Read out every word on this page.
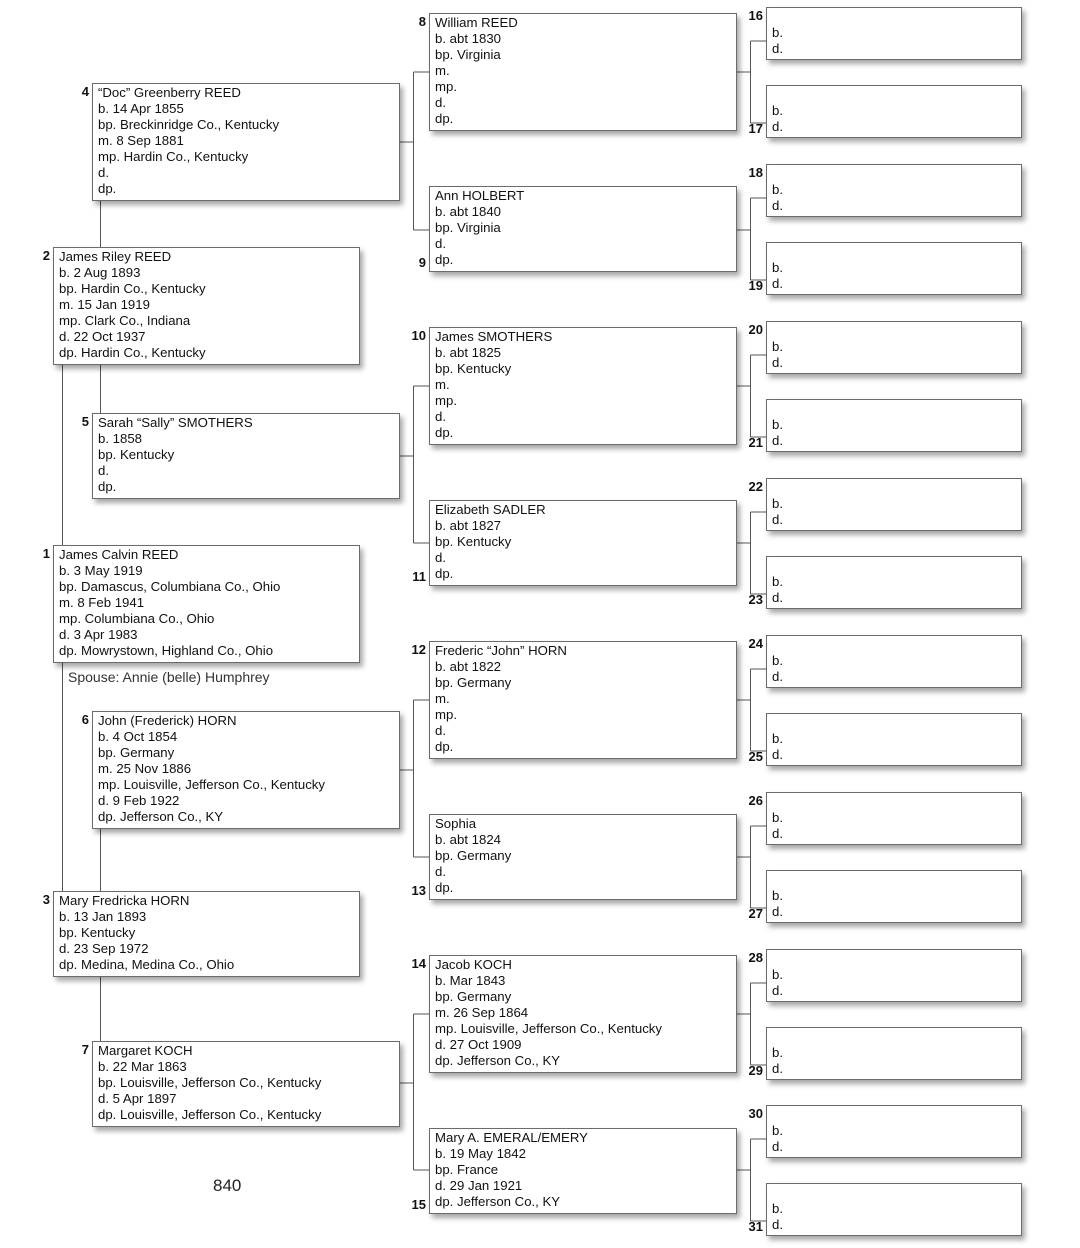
James Calvin REED
b. 3 May 1919
bp. Damascus, Columbiana Co., Ohio
m. 8 Feb 1941
mp. Columbiana Co., Ohio
d. 3 Apr 1983
dp. Mowrystown, Highland Co., Ohio
1
James Riley REED
b. 2 Aug 1893
bp. Hardin Co., Kentucky
m. 15 Jan 1919
mp. Clark Co., Indiana
d. 22 Oct 1937
dp. Hardin Co., Kentucky
2
Mary Fredricka HORN
b. 13 Jan 1893
bp. Kentucky
d. 23 Sep 1972
dp. Medina, Medina Co., Ohio
3
“Doc” Greenberry REED
b. 14 Apr 1855
bp. Breckinridge Co., Kentucky
m. 8 Sep 1881
mp. Hardin Co., Kentucky
d.
dp.
4
Sarah “Sally” SMOTHERS
b. 1858
bp. Kentucky
d.
dp.
5
John (Frederick) HORN
b. 4 Oct 1854
bp. Germany
m. 25 Nov 1886
mp. Louisville, Jefferson Co., Kentucky
d. 9 Feb 1922
dp. Jefferson Co., KY
6
Margaret KOCH
b. 22 Mar 1863
bp. Louisville, Jefferson Co., Kentucky
d. 5 Apr 1897
dp. Louisville, Jefferson Co., Kentucky
7
William REED
b. abt 1830
bp. Virginia
m.
mp.
d.
dp.
8
Ann HOLBERT
b. abt 1840
bp. Virginia
d.
dp.
9
James SMOTHERS
b. abt 1825
bp. Kentucky
m.
mp.
d.
dp.
10
Elizabeth SADLER
b. abt 1827
bp. Kentucky
d.
dp.
11
Frederic “John” HORN
b. abt 1822
bp. Germany
m.
mp.
d.
dp.
12
Sophia
b. abt 1824
bp. Germany
d.
dp.
13
Jacob KOCH
b. Mar 1843
bp. Germany
m. 26 Sep 1864
mp. Louisville, Jefferson Co., Kentucky
d. 27 Oct 1909
dp. Jefferson Co., KY
14
Mary A. EMERAL/EMERY
b. 19 May 1842
bp. France
d. 29 Jan 1921
dp. Jefferson Co., KY
15
b.
d.
16
b.
d.
17
b.
d.
18
b.
d.
19
b.
d.
20
b.
d.
21
b.
d.
22
b.
d.
23
b.
d.
24
b.
d.
25
b.
d.
26
b.
d.
27
b.
d.
28
b.
d.
29
b.
d.
30
b.
d.
31
Spouse: Annie (belle) Humphrey
840
